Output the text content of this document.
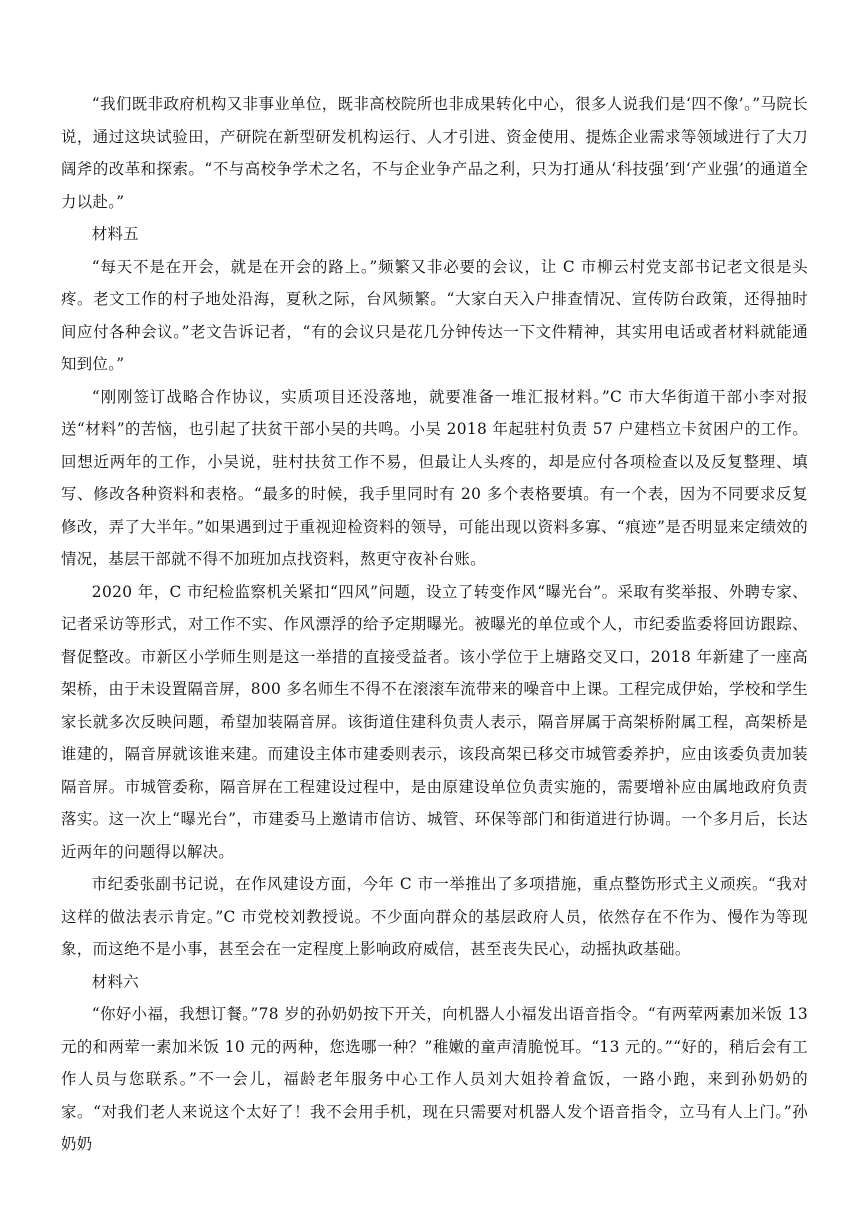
“我们既非政府机构又非事业单位，既非高校院所也非成果转化中心，很多人说我们是‘四不像’。”马院长说，通过这块试验田，产研院在新型研发机构运行、人才引进、资金使用、提炼企业需求等领域进行了大刀阔斧的改革和探索。“不与高校争学术之名，不与企业争产品之利，只为打通从‘科技强’到‘产业强’的通道全力以赴。”

材料五

“每天不是在开会，就是在开会的路上。”频繁又非必要的会议，让 C 市柳云村党支部书记老文很是头疼。老文工作的村子地处沿海，夏秋之际，台风频繁。“大家白天入户排查情况、宣传防台政策，还得抽时间应付各种会议。”老文告诉记者，“有的会议只是花几分钟传达一下文件精神，其实用电话或者材料就能通知到位。”

“刚刚签订战略合作协议，实质项目还没落地，就要准备一堆汇报材料。”C 市大华街道干部小李对报送“材料”的苦恼，也引起了扶贫干部小吴的共鸣。小吴 2018 年起驻村负责 57 户建档立卡贫困户的工作。回想近两年的工作，小吴说，驻村扶贫工作不易，但最让人头疼的，却是应付各项检查以及反复整理、填写、修改各种资料和表格。“最多的时候，我手里同时有 20 多个表格要填。有一个表，因为不同要求反复修改，弄了大半年。”如果遇到过于重视迎检资料的领导，可能出现以资料多寡、“痕迹”是否明显来定绩效的情况，基层干部就不得不加班加点找资料，熬更守夜补台账。

2020 年，C 市纪检监察机关紧扣“四风”问题，设立了转变作风“曝光台”。采取有奖举报、外聘专家、记者采访等形式，对工作不实、作风漂浮的给予定期曝光。被曝光的单位或个人，市纪委监委将回访跟踪、督促整改。市新区小学师生则是这一举措的直接受益者。该小学位于上塘路交叉口，2018 年新建了一座高架桥，由于未设置隔音屏，800 多名师生不得不在滚滚车流带来的噪音中上课。工程完成伊始，学校和学生家长就多次反映问题，希望加装隔音屏。该街道住建科负责人表示，隔音屏属于高架桥附属工程，高架桥是谁建的，隔音屏就该谁来建。而建设主体市建委则表示，该段高架已移交市城管委养护，应由该委负责加装隔音屏。市城管委称，隔音屏在工程建设过程中，是由原建设单位负责实施的，需要增补应由属地政府负责落实。这一次上“曝光台”，市建委马上邀请市信访、城管、环保等部门和街道进行协调。一个多月后，长达近两年的问题得以解决。

市纪委张副书记说，在作风建设方面，今年 C 市一举推出了多项措施，重点整饬形式主义顽疾。“我对这样的做法表示肯定。”C 市党校刘教授说。不少面向群众的基层政府人员，依然存在不作为、慢作为等现象，而这绝不是小事，甚至会在一定程度上影响政府威信，甚至丧失民心，动摇执政基础。

材料六

“你好小福，我想订餐。”78 岁的孙奶奶按下开关，向机器人小福发出语音指令。“有两荤两素加米饭 13 元的和两荤一素加米饭 10 元的两种，您选哪一种？”稚嫩的童声清脆悦耳。“13 元的。”“好的，稍后会有工作人员与您联系。”不一会儿，福龄老年服务中心工作人员刘大姐拎着盒饭，一路小跑，来到孙奶奶的家。“对我们老人来说这个太好了！我不会用手机，现在只需要对机器人发个语音指令，立马有人上门。”孙奶奶
